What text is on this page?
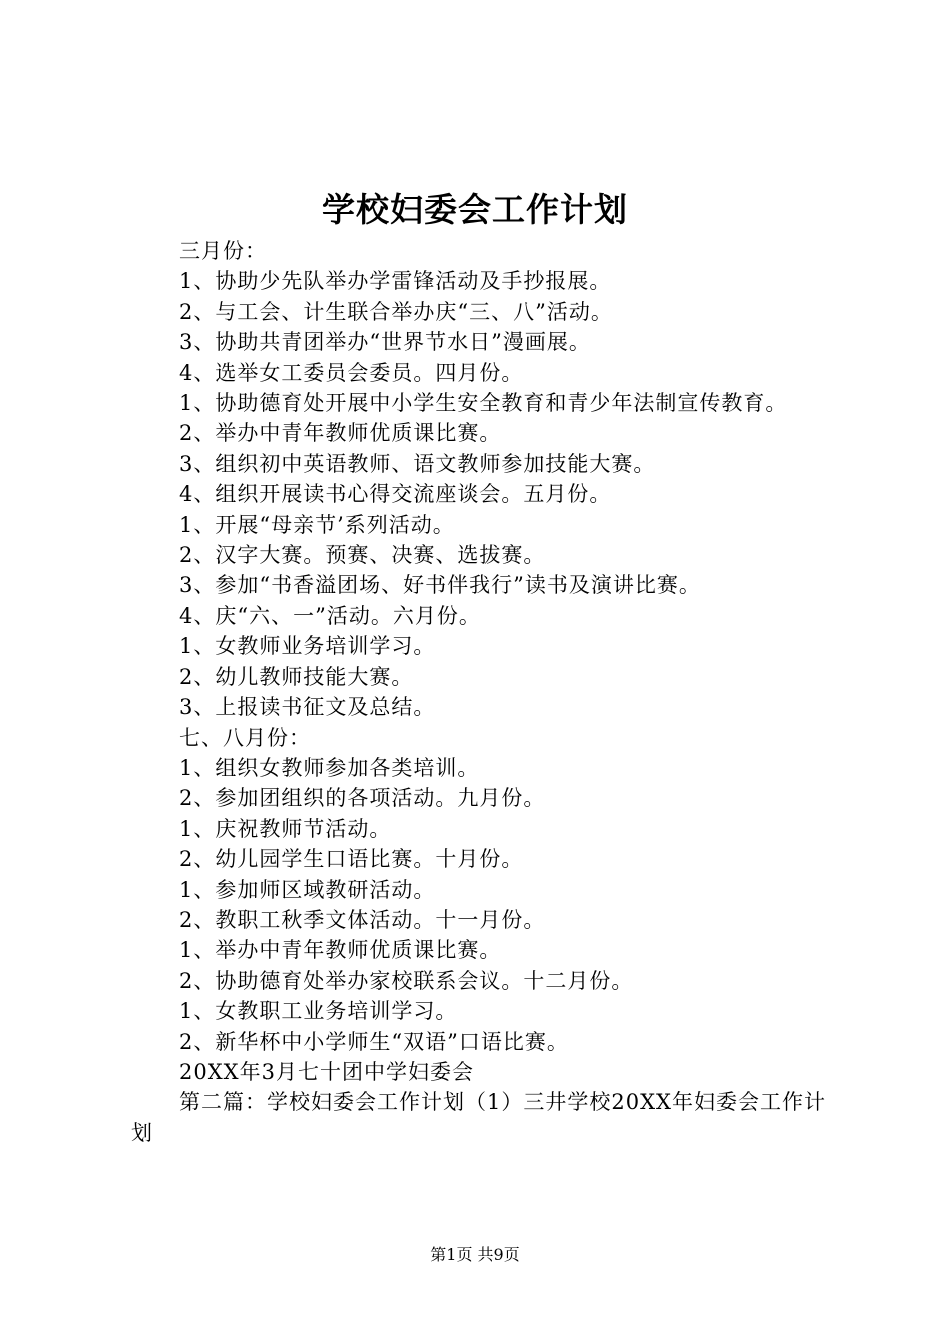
学校妇委会工作计划

三月份：

1、协助少先队举办学雷锋活动及手抄报展。

2、与工会、计生联合举办庆“三、八”活动。

3、协助共青团举办“世界节水日”漫画展。

4、选举女工委员会委员。四月份。

1、协助德育处开展中小学生安全教育和青少年法制宣传教育。

2、举办中青年教师优质课比赛。

3、组织初中英语教师、语文教师参加技能大赛。

4、组织开展读书心得交流座谈会。五月份。

1、开展“母亲节’系列活动。

2、汉字大赛。预赛、决赛、选拔赛。

3、参加“书香溢团场、好书伴我行”读书及演讲比赛。

4、庆“六、一”活动。六月份。

1、女教师业务培训学习。

2、幼儿教师技能大赛。

3、上报读书征文及总结。

七、八月份：

1、组织女教师参加各类培训。

2、参加团组织的各项活动。九月份。

1、庆祝教师节活动。

2、幼儿园学生口语比赛。十月份。

1、参加师区域教研活动。

2、教职工秋季文体活动。十一月份。

1、举办中青年教师优质课比赛。

2、协助德育处举办家校联系会议。十二月份。

1、女教职工业务培训学习。

2、新华杯中小学师生“双语”口语比赛。

20XX年3月七十团中学妇委会

第二篇：学校妇委会工作计划（1）三井学校20XX年妇委会工作计划

第1页 共9页
